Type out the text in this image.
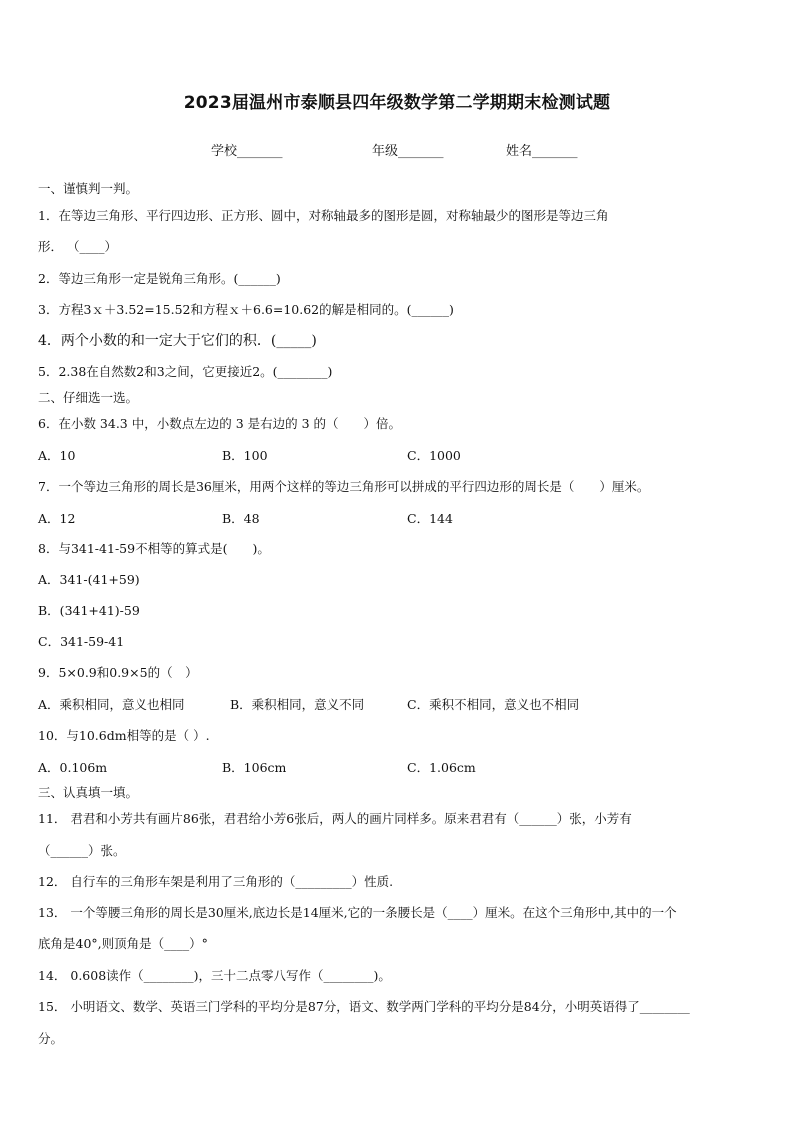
2023届温州市泰顺县四年级数学第二学期期末检测试题
学校_______	年级_______	姓名_______
一、谨慎判一判。
1．在等边三角形、平行四边形、正方形、圆中，对称轴最多的图形是圆，对称轴最少的图形是等边三角
形． （____）
2．等边三角形一定是锐角三角形。(______)
3．方程3ｘ＋3.52=15.52和方程ｘ＋6.6=10.62的解是相同的。(______)
4．两个小数的和一定大于它们的积．(_____)
5．2.38在自然数2和3之间，它更接近2。(________)
二、仔细选一选。
6．在小数 34.3 中，小数点左边的 3 是右边的 3 的（　　）倍。
A．10	B．100	C．1000
7．一个等边三角形的周长是36厘米，用两个这样的等边三角形可以拼成的平行四边形的周长是（　　）厘米。
A．12	B．48	C．144
8．与341-41-59不相等的算式是(　　)。
A．341-(41+59)
B．(341+41)-59
C．341-59-41
9．5×0.9和0.9×5的（　）
A．乘积相同，意义也相同	B．乘积相同，意义不同	C．乘积不相同，意义也不相同
10．与10.6dm相等的是（ ）.
A．0.106m	B．106cm	C．1.06cm
三、认真填一填。
11． 君君和小芳共有画片86张，君君给小芳6张后，两人的画片同样多。原来君君有（______）张，小芳有
（______）张。
12． 自行车的三角形车架是利用了三角形的（_________）性质.
13． 一个等腰三角形的周长是30厘米,底边长是14厘米,它的一条腰长是（____）厘米。在这个三角形中,其中的一个
底角是40°,则顶角是（____）°
14． 0.608读作（________)，三十二点零八写作（________)。
15． 小明语文、数学、英语三门学科的平均分是87分，语文、数学两门学科的平均分是84分，小明英语得了________
分。
